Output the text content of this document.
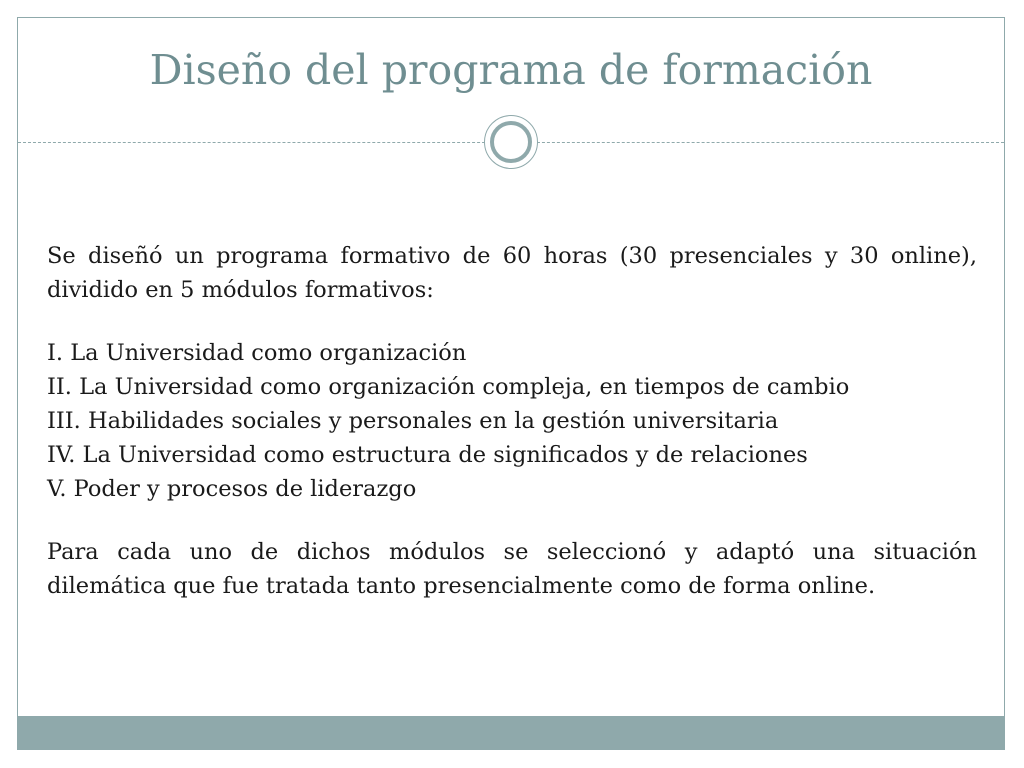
Diseño del programa de formación

Se diseñó un programa formativo de 60 horas (30 presenciales y 30 online), dividido en 5 módulos formativos:

I. La Universidad como organización
II. La Universidad como organización compleja, en tiempos de cambio
III. Habilidades sociales y personales en la gestión universitaria
IV. La Universidad como estructura de significados y de relaciones
V. Poder y procesos de liderazgo

Para cada uno de dichos módulos se seleccionó y adaptó una situación dilemática que fue tratada tanto presencialmente como de forma online.
